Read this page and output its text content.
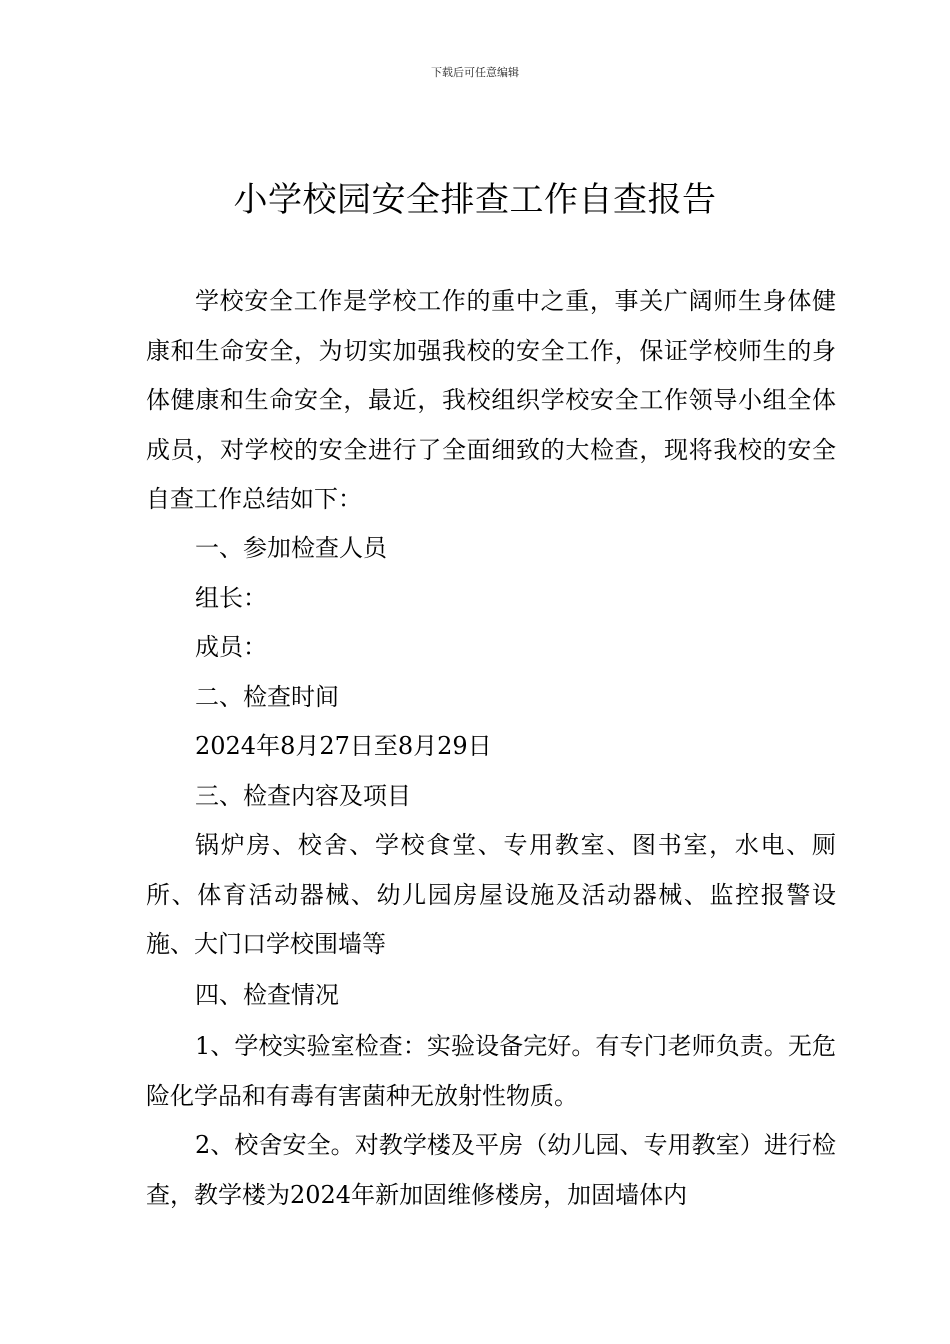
下载后可任意编辑
小学校园安全排查工作自查报告
学校安全工作是学校工作的重中之重，事关广阔师生身体健康和生命安全，为切实加强我校的安全工作，保证学校师生的身体健康和生命安全，最近，我校组织学校安全工作领导小组全体成员，对学校的安全进行了全面细致的大检查，现将我校的安全自查工作总结如下：
一、参加检查人员
组长：
成员：
二、检查时间
2024年8月27日至8月29日
三、检查内容及项目
锅炉房、校舍、学校食堂、专用教室、图书室，水电、厕所、体育活动器械、幼儿园房屋设施及活动器械、监控报警设施、大门口学校围墙等
四、检查情况
1、学校实验室检查：实验设备完好。有专门老师负责。无危险化学品和有毒有害菌种无放射性物质。
2、校舍安全。对教学楼及平房（幼儿园、专用教室）进行检查，教学楼为2024年新加固维修楼房，加固墙体内
